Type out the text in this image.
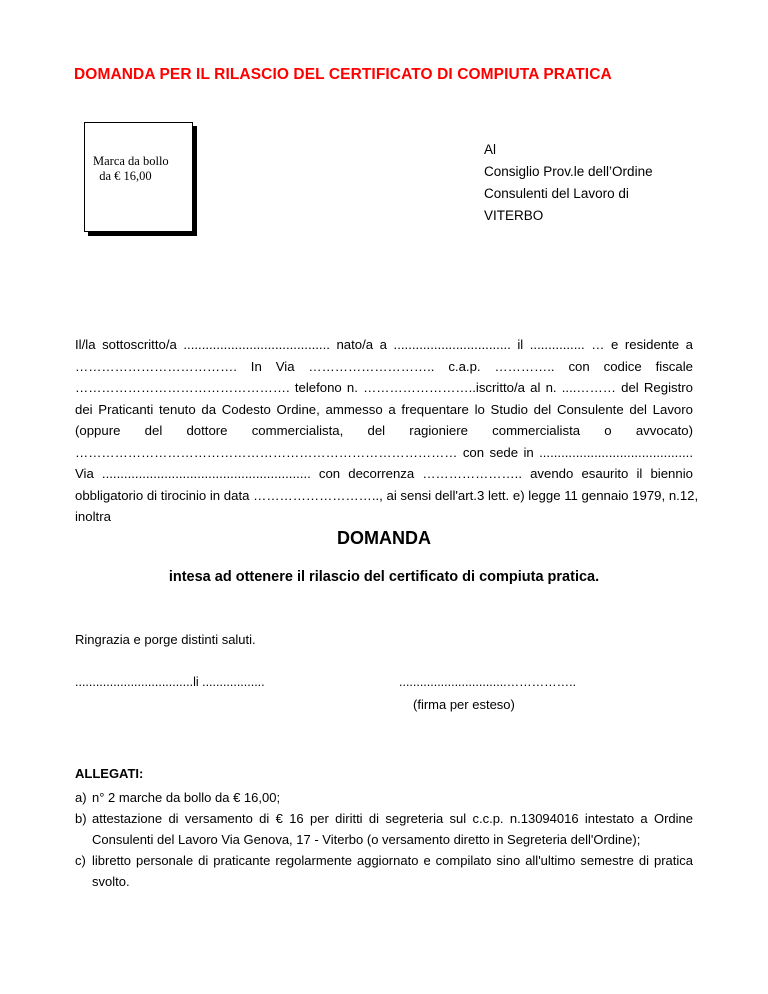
DOMANDA PER IL RILASCIO DEL CERTIFICATO DI COMPIUTA PRATICA
Marca da bollo
da € 16,00
Al
Consiglio Prov.le dell’Ordine
Consulenti del Lavoro di
VITERBO
Il/la sottoscritto/a ........................................ nato/a a ................................ il ............... … e residente a
………………………………. In Via ……………………….. c.a.p. ………….. con codice fiscale
…………………………………………. telefono n. ……………………..iscritto/a al n. ....……… del Registro
dei Praticanti tenuto da Codesto Ordine, ammesso a frequentare lo Studio del Consulente del Lavoro
(oppure del dottore commercialista, del ragioniere commercialista o avvocato)
…………………………………………………………………………… con sede in ..........................................
Via ......................................................... con decorrenza ………………….. avendo esaurito il biennio
obbligatorio di tirocinio in data ……………………….., ai sensi dell'art.3 lett. e) legge 11 gennaio 1979, n.12,
inoltra
DOMANDA
intesa ad ottenere il rilascio del certificato di compiuta pratica.
Ringrazia e porge distinti saluti.
..................................li ..................	...............................……………..
(firma per esteso)
ALLEGATI:
a) n° 2 marche da bollo da € 16,00;
b) attestazione di versamento di € 16 per diritti di segreteria sul c.c.p. n.13094016 intestato a Ordine Consulenti del Lavoro Via Genova, 17 - Viterbo (o versamento diretto in Segreteria dell'Ordine);
c) libretto personale di praticante regolarmente aggiornato e compilato sino all'ultimo semestre di pratica svolto.
